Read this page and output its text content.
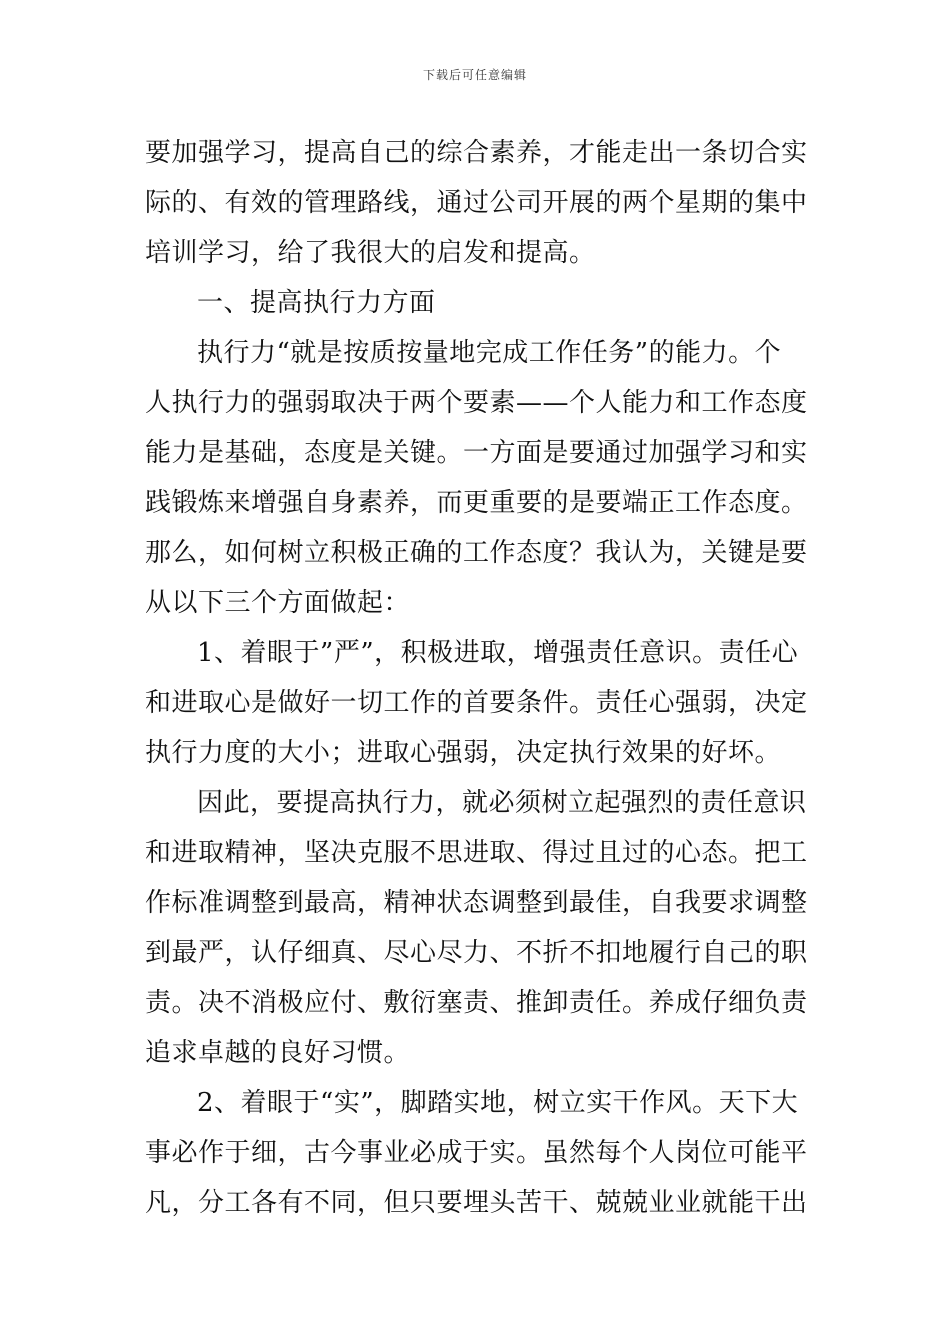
下载后可任意编辑
要加强学习，提高自己的综合素养，才能走出一条切合实
际的、有效的管理路线，通过公司开展的两个星期的集中
培训学习，给了我很大的启发和提高。
一、提高执行力方面
执行力“就是按质按量地完成工作任务”的能力。个
人执行力的强弱取决于两个要素——个人能力和工作态度
能力是基础，态度是关键。一方面是要通过加强学习和实
践锻炼来增强自身素养，而更重要的是要端正工作态度。
那么，如何树立积极正确的工作态度？我认为，关键是要
从以下三个方面做起：
1、着眼于”严”，积极进取，增强责任意识。责任心
和进取心是做好一切工作的首要条件。责任心强弱，决定
执行力度的大小；进取心强弱，决定执行效果的好坏。
因此，要提高执行力，就必须树立起强烈的责任意识
和进取精神，坚决克服不思进取、得过且过的心态。把工
作标准调整到最高，精神状态调整到最佳，自我要求调整
到最严，认仔细真、尽心尽力、不折不扣地履行自己的职
责。决不消极应付、敷衍塞责、推卸责任。养成仔细负责
追求卓越的良好习惯。
2、着眼于“实”，脚踏实地，树立实干作风。天下大
事必作于细，古今事业必成于实。虽然每个人岗位可能平
凡，分工各有不同，但只要埋头苦干、兢兢业业就能干出
